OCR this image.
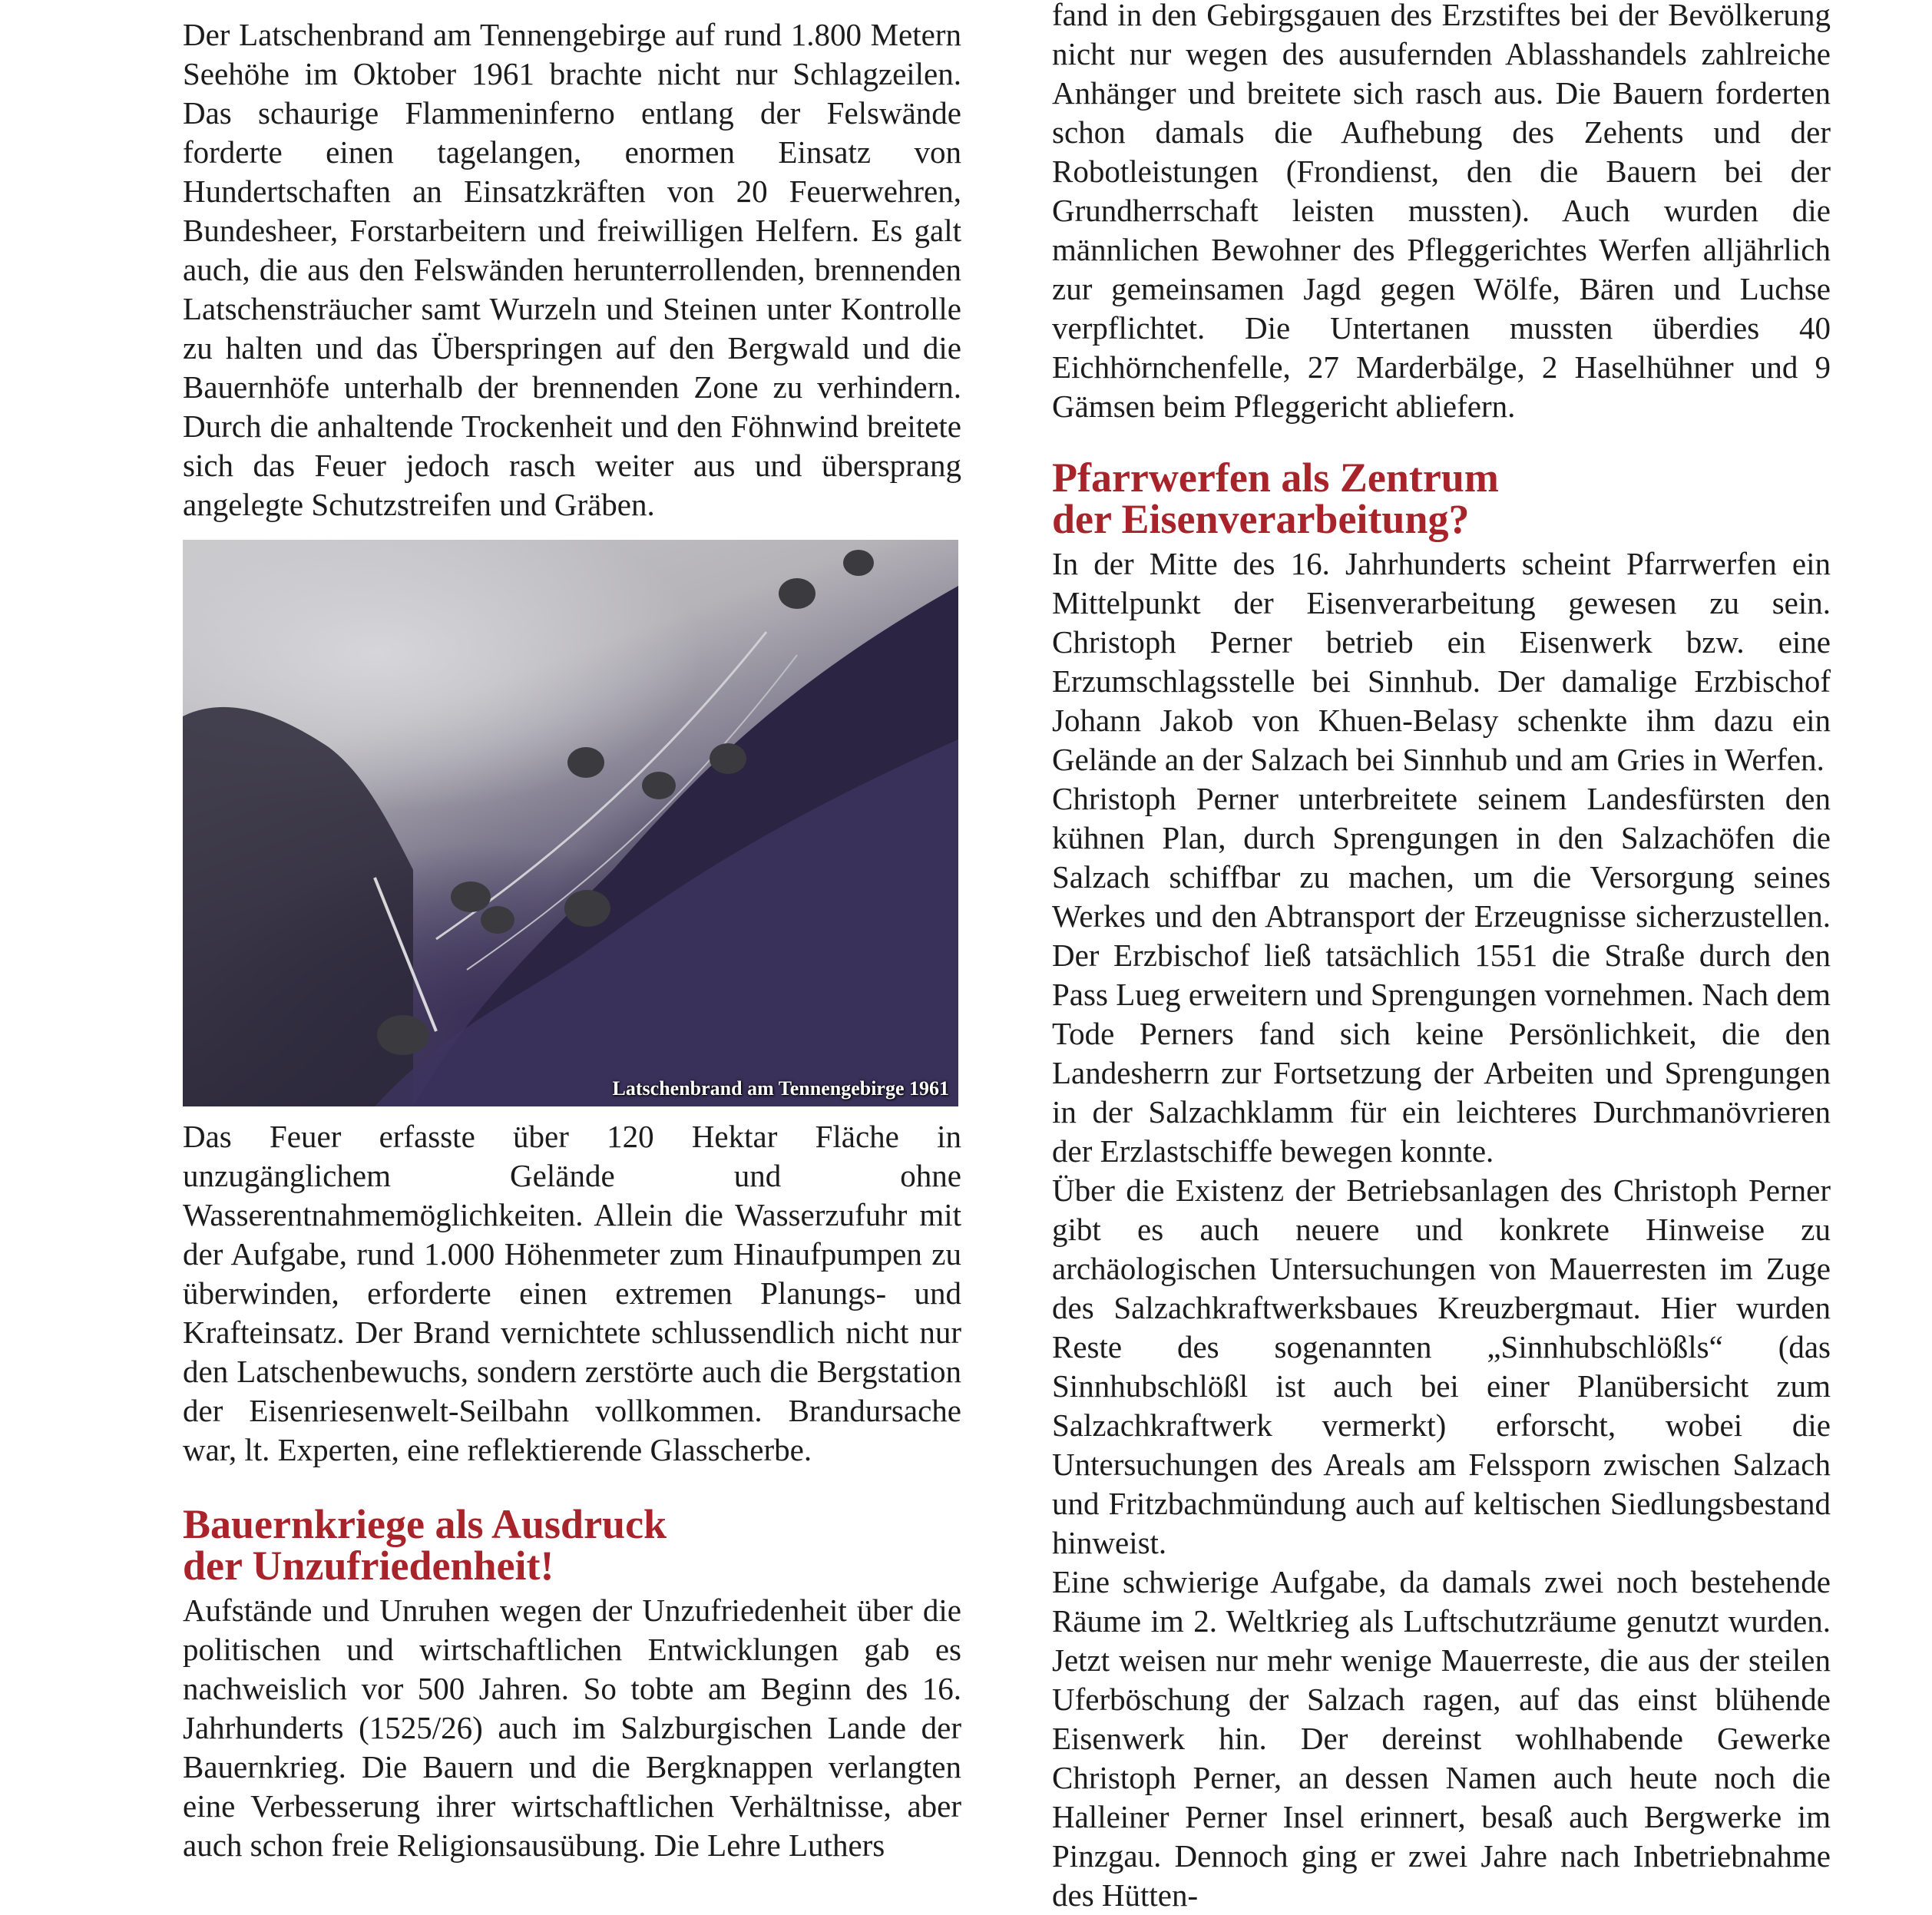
Der Latschenbrand am Tennengebirge auf rund 1.800 Metern Seehöhe im Oktober 1961 brachte nicht nur Schlagzeilen. Das schaurige Flammeninferno entlang der Felswände forderte einen tagelangen, enormen Einsatz von Hundertschaften an Einsatzkräften von 20 Feuerwehren, Bundesheer, Forstarbeitern und freiwilligen Helfern. Es galt auch, die aus den Felswänden herunterrollenden, brennenden Latschensträucher samt Wurzeln und Steinen unter Kontrolle zu halten und das Überspringen auf den Bergwald und die Bauernhöfe unterhalb der brennenden Zone zu verhindern. Durch die anhaltende Trockenheit und den Föhnwind breitete sich das Feuer jedoch rasch weiter aus und übersprang angelegte Schutzstreifen und Gräben.

Latschenbrand am Tennengebirge 1961

Das Feuer erfasste über 120 Hektar Fläche in unzugänglichem Gelände und ohne Wasserentnahmemöglichkeiten. Allein die Wasserzufuhr mit der Aufgabe, rund 1.000 Höhenmeter zum Hinaufpumpen zu überwinden, erforderte einen extremen Planungs- und Krafteinsatz. Der Brand vernichtete schlussendlich nicht nur den Latschenbewuchs, sondern zerstörte auch die Bergstation der Eisenriesenwelt-Seilbahn vollkommen. Brandursache war, lt. Experten, eine reflektierende Glasscherbe.

Bauernkriege als Ausdruck
der Unzufriedenheit!

Aufstände und Unruhen wegen der Unzufriedenheit über die politischen und wirtschaftlichen Entwicklungen gab es nachweislich vor 500 Jahren. So tobte am Beginn des 16. Jahrhunderts (1525/26) auch im Salzburgischen Lande der Bauernkrieg. Die Bauern und die Bergknappen verlangten eine Verbesserung ihrer wirtschaftlichen Verhältnisse, aber auch schon freie Religionsausübung. Die Lehre Luthers

fand in den Gebirgsgauen des Erzstiftes bei der Bevölkerung nicht nur wegen des ausufernden Ablasshandels zahlreiche Anhänger und breitete sich rasch aus. Die Bauern forderten schon damals die Aufhebung des Zehents und der Robotleistungen (Frondienst, den die Bauern bei der Grundherrschaft leisten mussten). Auch wurden die männlichen Bewohner des Pfleggerichtes Werfen alljährlich zur gemeinsamen Jagd gegen Wölfe, Bären und Luchse verpflichtet. Die Untertanen mussten überdies 40 Eichhörnchenfelle, 27 Marderbälge, 2 Haselhühner und 9 Gämsen beim Pfleggericht abliefern.

Pfarrwerfen als Zentrum
der Eisenverarbeitung?

In der Mitte des 16. Jahrhunderts scheint Pfarrwerfen ein Mittelpunkt der Eisenverarbeitung gewesen zu sein. Christoph Perner betrieb ein Eisenwerk bzw. eine Erzumschlagsstelle bei Sinnhub. Der damalige Erzbischof Johann Jakob von Khuen-Belasy schenkte ihm dazu ein Gelände an der Salzach bei Sinnhub und am Gries in Werfen.

Christoph Perner unterbreitete seinem Landesfürsten den kühnen Plan, durch Sprengungen in den Salzachöfen die Salzach schiffbar zu machen, um die Versorgung seines Werkes und den Abtransport der Erzeugnisse sicherzustellen. Der Erzbischof ließ tatsächlich 1551 die Straße durch den Pass Lueg erweitern und Sprengungen vornehmen. Nach dem Tode Perners fand sich keine Persönlichkeit, die den Landesherrn zur Fortsetzung der Arbeiten und Sprengungen in der Salzachklamm für ein leichteres Durchmanövrieren der Erzlastschiffe bewegen konnte.

Über die Existenz der Betriebsanlagen des Christoph Perner gibt es auch neuere und konkrete Hinweise zu archäologischen Untersuchungen von Mauerresten im Zuge des Salzachkraftwerksbaues Kreuzbergmaut. Hier wurden Reste des sogenannten „Sinnhubschlößls“ (das Sinnhubschlößl ist auch bei einer Planübersicht zum Salzachkraftwerk vermerkt) erforscht, wobei die Untersuchungen des Areals am Felssporn zwischen Salzach und Fritzbachmündung auch auf keltischen Siedlungsbestand hinweist.

Eine schwierige Aufgabe, da damals zwei noch bestehende Räume im 2. Weltkrieg als Luftschutzräume genutzt wurden. Jetzt weisen nur mehr wenige Mauerreste, die aus der steilen Uferböschung der Salzach ragen, auf das einst blühende Eisenwerk hin. Der dereinst wohlhabende Gewerke Christoph Perner, an dessen Namen auch heute noch die Halleiner Perner Insel erinnert, besaß auch Bergwerke im Pinzgau. Dennoch ging er zwei Jahre nach Inbetriebnahme des Hütten-
